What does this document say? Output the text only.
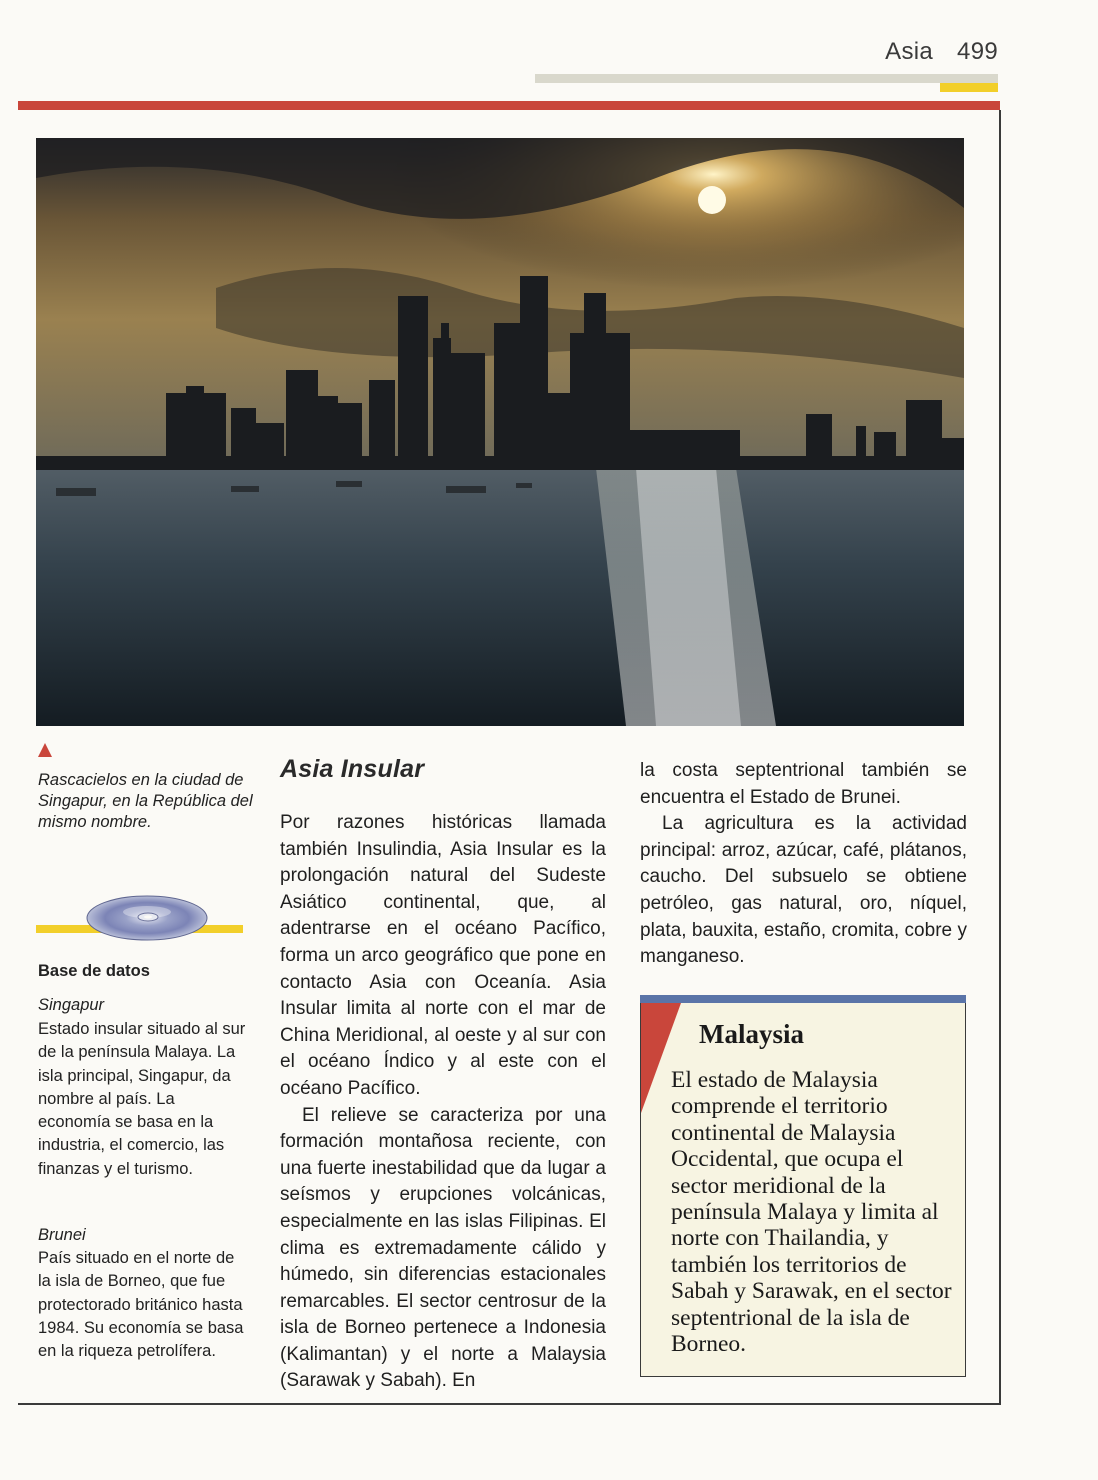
Asia 499
Rascacielos en la ciudad de Singapur, en la República del mismo nombre.
Base de datos
Singapur
Estado insular situado al sur de la península Malaya. La isla principal, Singapur, da nombre al país. La economía se basa en la industria, el comercio, las finanzas y el turismo.
Brunei
País situado en el norte de la isla de Borneo, que fue protectorado británico hasta 1984. Su economía se basa en la riqueza petrolífera.
Asia Insular

Por razones históricas llamada también Insulindia, Asia Insular es la prolongación natural del Sudeste Asiático continental, que, al adentrarse en el océano Pacífico, forma un arco geográfico que pone en contacto Asia con Oceanía. Asia Insular limita al norte con el mar de China Meridional, al oeste y al sur con el océano Índico y al este con el océano Pacífico.

El relieve se caracteriza por una formación montañosa reciente, con una fuerte inestabilidad que da lugar a seísmos y erupciones volcánicas, especialmente en las islas Filipinas. El clima es extremadamente cálido y húmedo, sin diferencias estacionales remarcables. El sector centrosur de la isla de Borneo pertenece a Indonesia (Kalimantan) y el norte a Malaysia (Sarawak y Sabah). En

la costa septentrional también se encuentra el Estado de Brunei.

La agricultura es la actividad principal: arroz, azúcar, café, plátanos, caucho. Del subsuelo se obtiene petróleo, gas natural, oro, níquel, plata, bauxita, estaño, cromita, cobre y manganeso.

Malaysia
El estado de Malaysia comprende el territorio continental de Malaysia Occidental, que ocupa el sector meridional de la península Malaya y limita al norte con Thailandia, y también los territorios de Sabah y Sarawak, en el sector septentrional de la isla de Borneo.
